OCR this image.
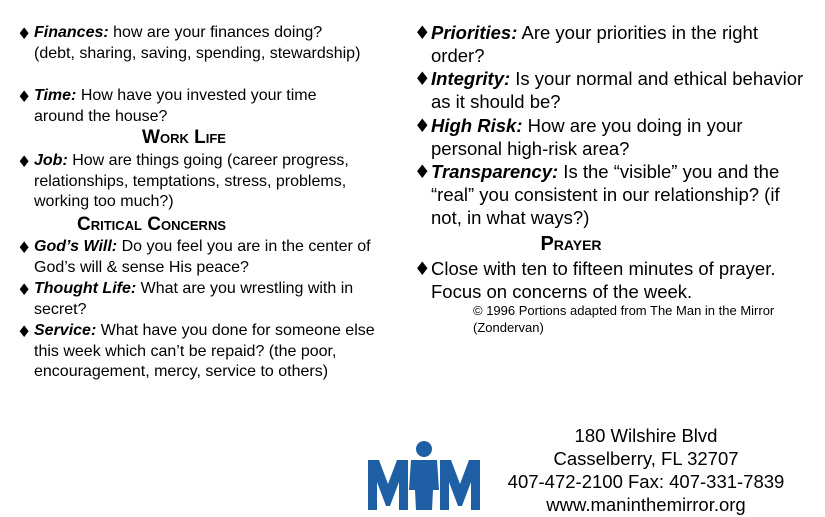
♦ Finances: how are your finances doing? (debt, sharing, saving, spending, stewardship)

♦ Time: How have you invested your time around the house?

Work Life

♦ Job: How are things going (career progress, relationships, temptations, stress, problems, working too much?)

Critical Concerns

♦ God’s Will: Do you feel you are in the center of God’s will & sense His peace?

♦ Thought Life: What are you wrestling with in secret?

♦ Service: What have you done for someone else this week which can’t be repaid? (the poor, encouragement, mercy, service to others)

♦ Priorities: Are your priorities in the right order?

♦ Integrity: Is your normal and ethical behavior as it should be?

♦ High Risk: How are you doing in your personal high-risk area?

♦ Transparency: Is the “visible” you and the “real” you consistent in our relationship? (if not, in what ways?)

Prayer

♦ Close with ten to fifteen minutes of prayer. Focus on concerns of the week.

© 1996 Portions adapted from The Man in the Mirror (Zondervan)

180 Wilshire Blvd

Casselberry, FL 32707

407-472-2100 Fax: 407-331-7839

www.maninthemirror.org
